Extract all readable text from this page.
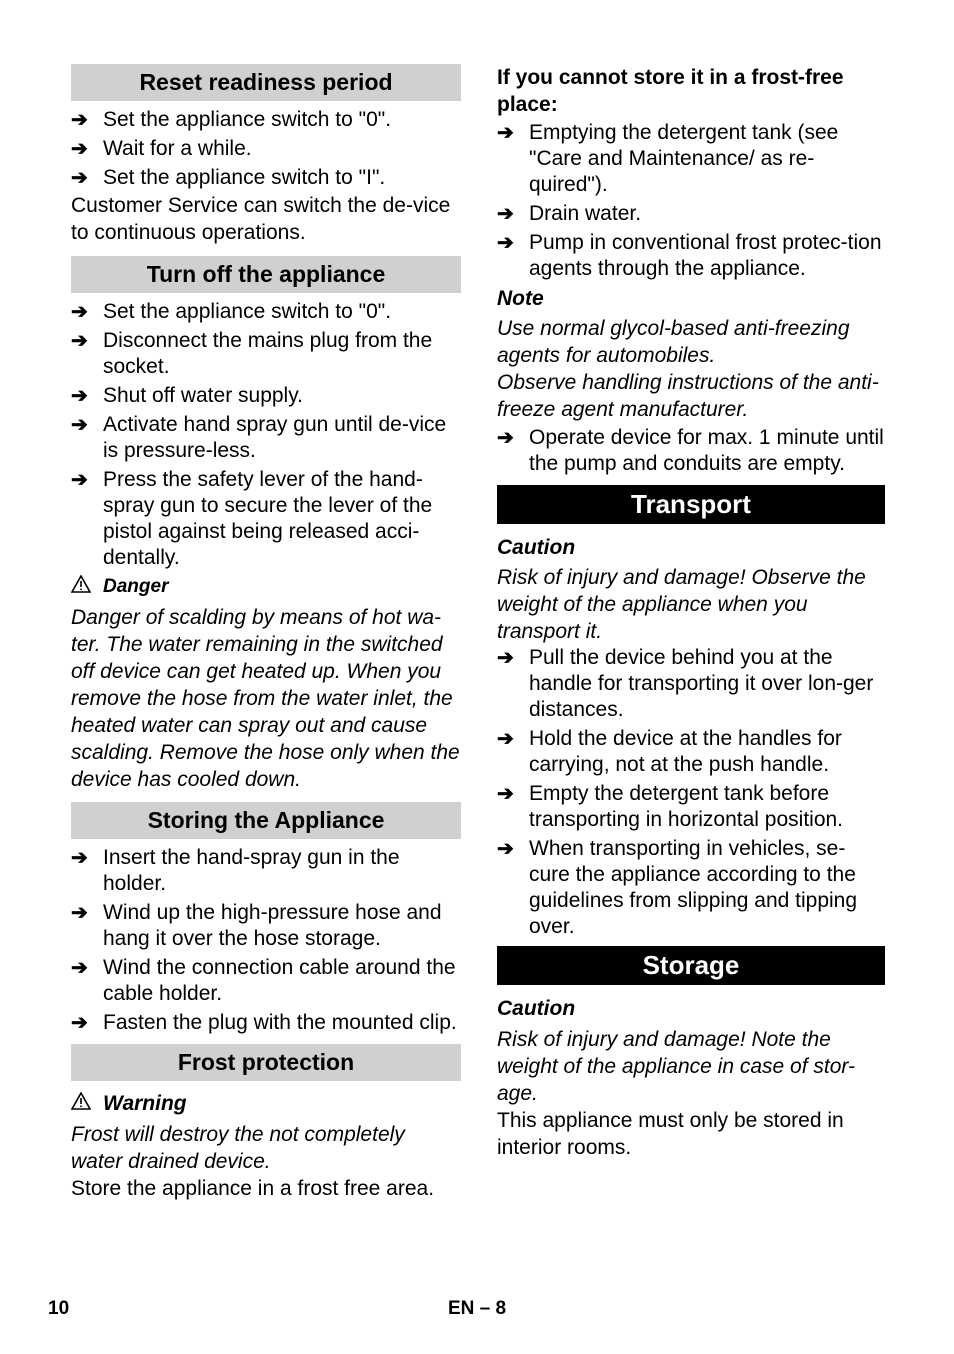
Reset readiness period
➔ Set the appliance switch to "0".
➔ Wait for a while.
➔ Set the appliance switch to "I".

Customer Service can switch the de-vice to continuous operations.

Turn off the appliance
➔ Set the appliance switch to "0".
➔ Disconnect the mains plug from the socket.
➔ Shut off water supply.
➔ Activate hand spray gun until de-vice is pressure-less.
➔ Press the safety lever of the hand-spray gun to secure the lever of the pistol against being released acci-dentally.
Danger

Danger of scalding by means of hot wa-ter. The water remaining in the switched off device can get heated up. When you remove the hose from the water inlet, the heated water can spray out and cause scalding. Remove the hose only when the device has cooled down.

Storing the Appliance
➔ Insert the hand-spray gun in the holder.
➔ Wind up the high-pressure hose and hang it over the hose storage.
➔ Wind the connection cable around the cable holder.
➔ Fasten the plug with the mounted clip.
Frost protection
Warning

Frost will destroy the not completely water drained device.

Store the appliance in a frost free area.

If you cannot store it in a frost-free place:

➔ Emptying the detergent tank (see "Care and Maintenance/ as re-quired").
➔ Drain water.
➔ Pump in conventional frost protec-tion agents through the appliance.

Note

Use normal glycol-based anti-freezing agents for automobiles.

Observe handling instructions of the anti-freeze agent manufacturer.

➔ Operate device for max. 1 minute until the pump and conduits are empty.
Transport

Caution

Risk of injury and damage! Observe the weight of the appliance when you transport it.

➔ Pull the device behind you at the handle for transporting it over lon-ger distances.
➔ Hold the device at the handles for carrying, not at the push handle.
➔ Empty the detergent tank before transporting in horizontal position.
➔ When transporting in vehicles, se-cure the appliance according to the guidelines from slipping and tipping over.
Storage

Caution

Risk of injury and damage! Note the weight of the appliance in case of stor-age.

This appliance must only be stored in interior rooms.

10	EN – 8
